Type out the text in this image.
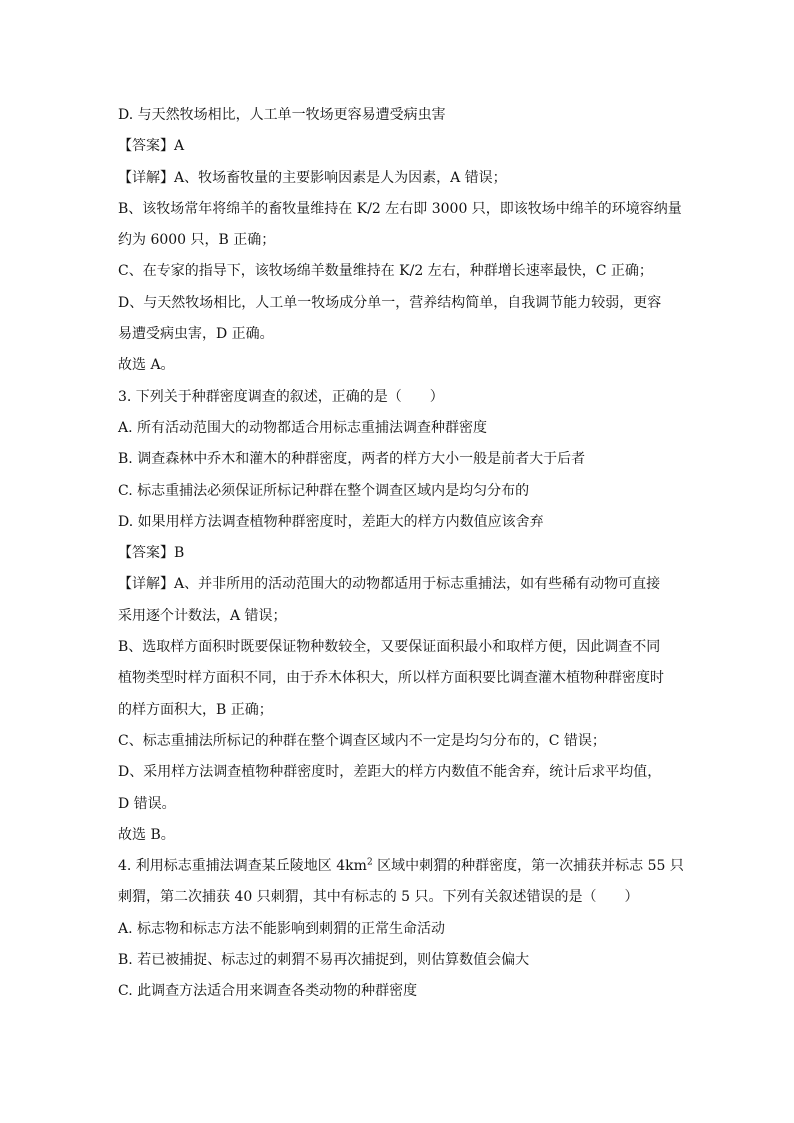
D. 与天然牧场相比，人工单一牧场更容易遭受病虫害
【答案】A
【详解】A、牧场畜牧量的主要影响因素是人为因素，A 错误；
B、该牧场常年将绵羊的畜牧量维持在 K/2 左右即 3000 只，即该牧场中绵羊的环境容纳量
约为 6000 只，B 正确；
C、在专家的指导下，该牧场绵羊数量维持在 K/2 左右，种群增长速率最快，C 正确；
D、与天然牧场相比，人工单一牧场成分单一，营养结构简单，自我调节能力较弱，更容
易遭受病虫害，D 正确。
故选 A。
3. 下列关于种群密度调查的叙述，正确的是（　　）
A. 所有活动范围大的动物都适合用标志重捕法调查种群密度
B. 调查森林中乔木和灌木的种群密度，两者的样方大小一般是前者大于后者
C. 标志重捕法必须保证所标记种群在整个调查区域内是均匀分布的
D. 如果用样方法调查植物种群密度时，差距大的样方内数值应该舍弃
【答案】B
【详解】A、并非所用的活动范围大的动物都适用于标志重捕法，如有些稀有动物可直接
采用逐个计数法，A 错误；
B、选取样方面积时既要保证物种数较全，又要保证面积最小和取样方便，因此调查不同
植物类型时样方面积不同，由于乔木体积大，所以样方面积要比调查灌木植物种群密度时
的样方面积大，B 正确；
C、标志重捕法所标记的种群在整个调查区域内不一定是均匀分布的，C 错误；
D、采用样方法调查植物种群密度时，差距大的样方内数值不能舍弃，统计后求平均值，
D 错误。
故选 B。
4. 利用标志重捕法调查某丘陵地区 $4km^2$ 区域中刺猬的种群密度，第一次捕获并标志 55 只
刺猬，第二次捕获 40 只刺猬，其中有标志的 5 只。下列有关叙述错误的是（　　）
A. 标志物和标志方法不能影响到刺猬的正常生命活动
B. 若已被捕捉、标志过的刺猬不易再次捕捉到，则估算数值会偏大
C. 此调查方法适合用来调查各类动物的种群密度
